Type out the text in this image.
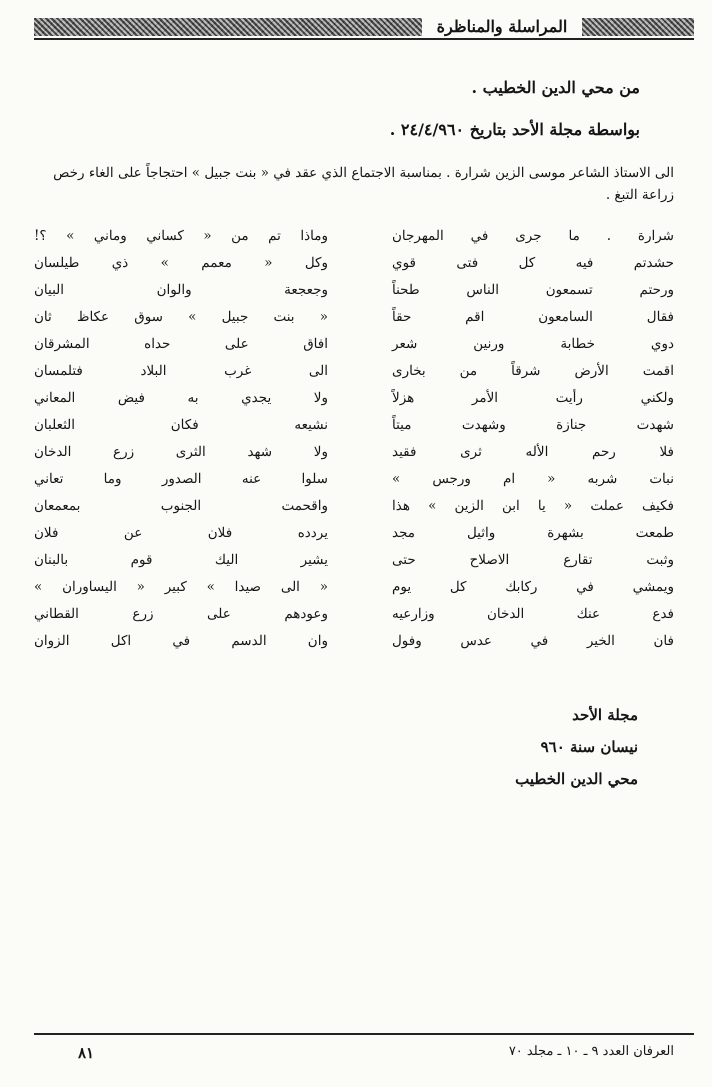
المراسلة والمناظرة
من محي الدين الخطيب .
بواسطة مجلة الأحد بتاريخ ٢٤/٤/٩٦٠ .
الى الاستاذ الشاعر موسى الزين شرارة . بمناسبة الاجتماع الذي عقد في « بنت جبيل » احتجاجاً على الغاء رخص زراعة التبغ .
شرارة . ما جرى في المهرجان
وماذا تم من « كساني وماني » ؟!
حشدتم فيه كل فتى قوي
وكل « معمم » ذي طيلسان
ورحتم تسمعون الناس طحناً
وجعجعة والوان البيان
فقال السامعون اقم حقاً
« بنت جبيل » سوق عكاظ ثان
دوي خطابة ورنين شعر
افاق على حداه المشرقان
اقمت الأرض شرقاً من بخارى
الى غرب البلاد فتلمسان
ولكني رأيت الأمر هزلاً
ولا يجدي به فيض المعاني
شهدت جنازة وشهدت ميتاً
نشيعه فكان الثعلبان
فلا رحم الأله ثرى فقيد
ولا شهد الثرى زرع الدخان
نبات شربه « ام ورجس »
سلوا عنه الصدور وما تعاني
فكيف عملت « يا ابن الزين » هذا
واقحمت الجنوب بمعمعان
طمعت بشهرة واثيل مجد
يردده فلان عن فلان
وثبت تقارع الاصلاح حتى
يشير اليك قوم بالبنان
ويمشي في ركابك كل يوم
« الى صيدا » كبير « اليساوران »
فدع عنك الدخان وزارعيه
وعودهم على زرع القطاني
فان الخير في عدس وفول
وان الدسم في اكل الزوان
مجلة الأحد
نيسان سنة ٩٦٠
محي الدين الخطيب
٨١	العرفان العدد ٩ ـ ١٠ ـ مجلد ٧٠
